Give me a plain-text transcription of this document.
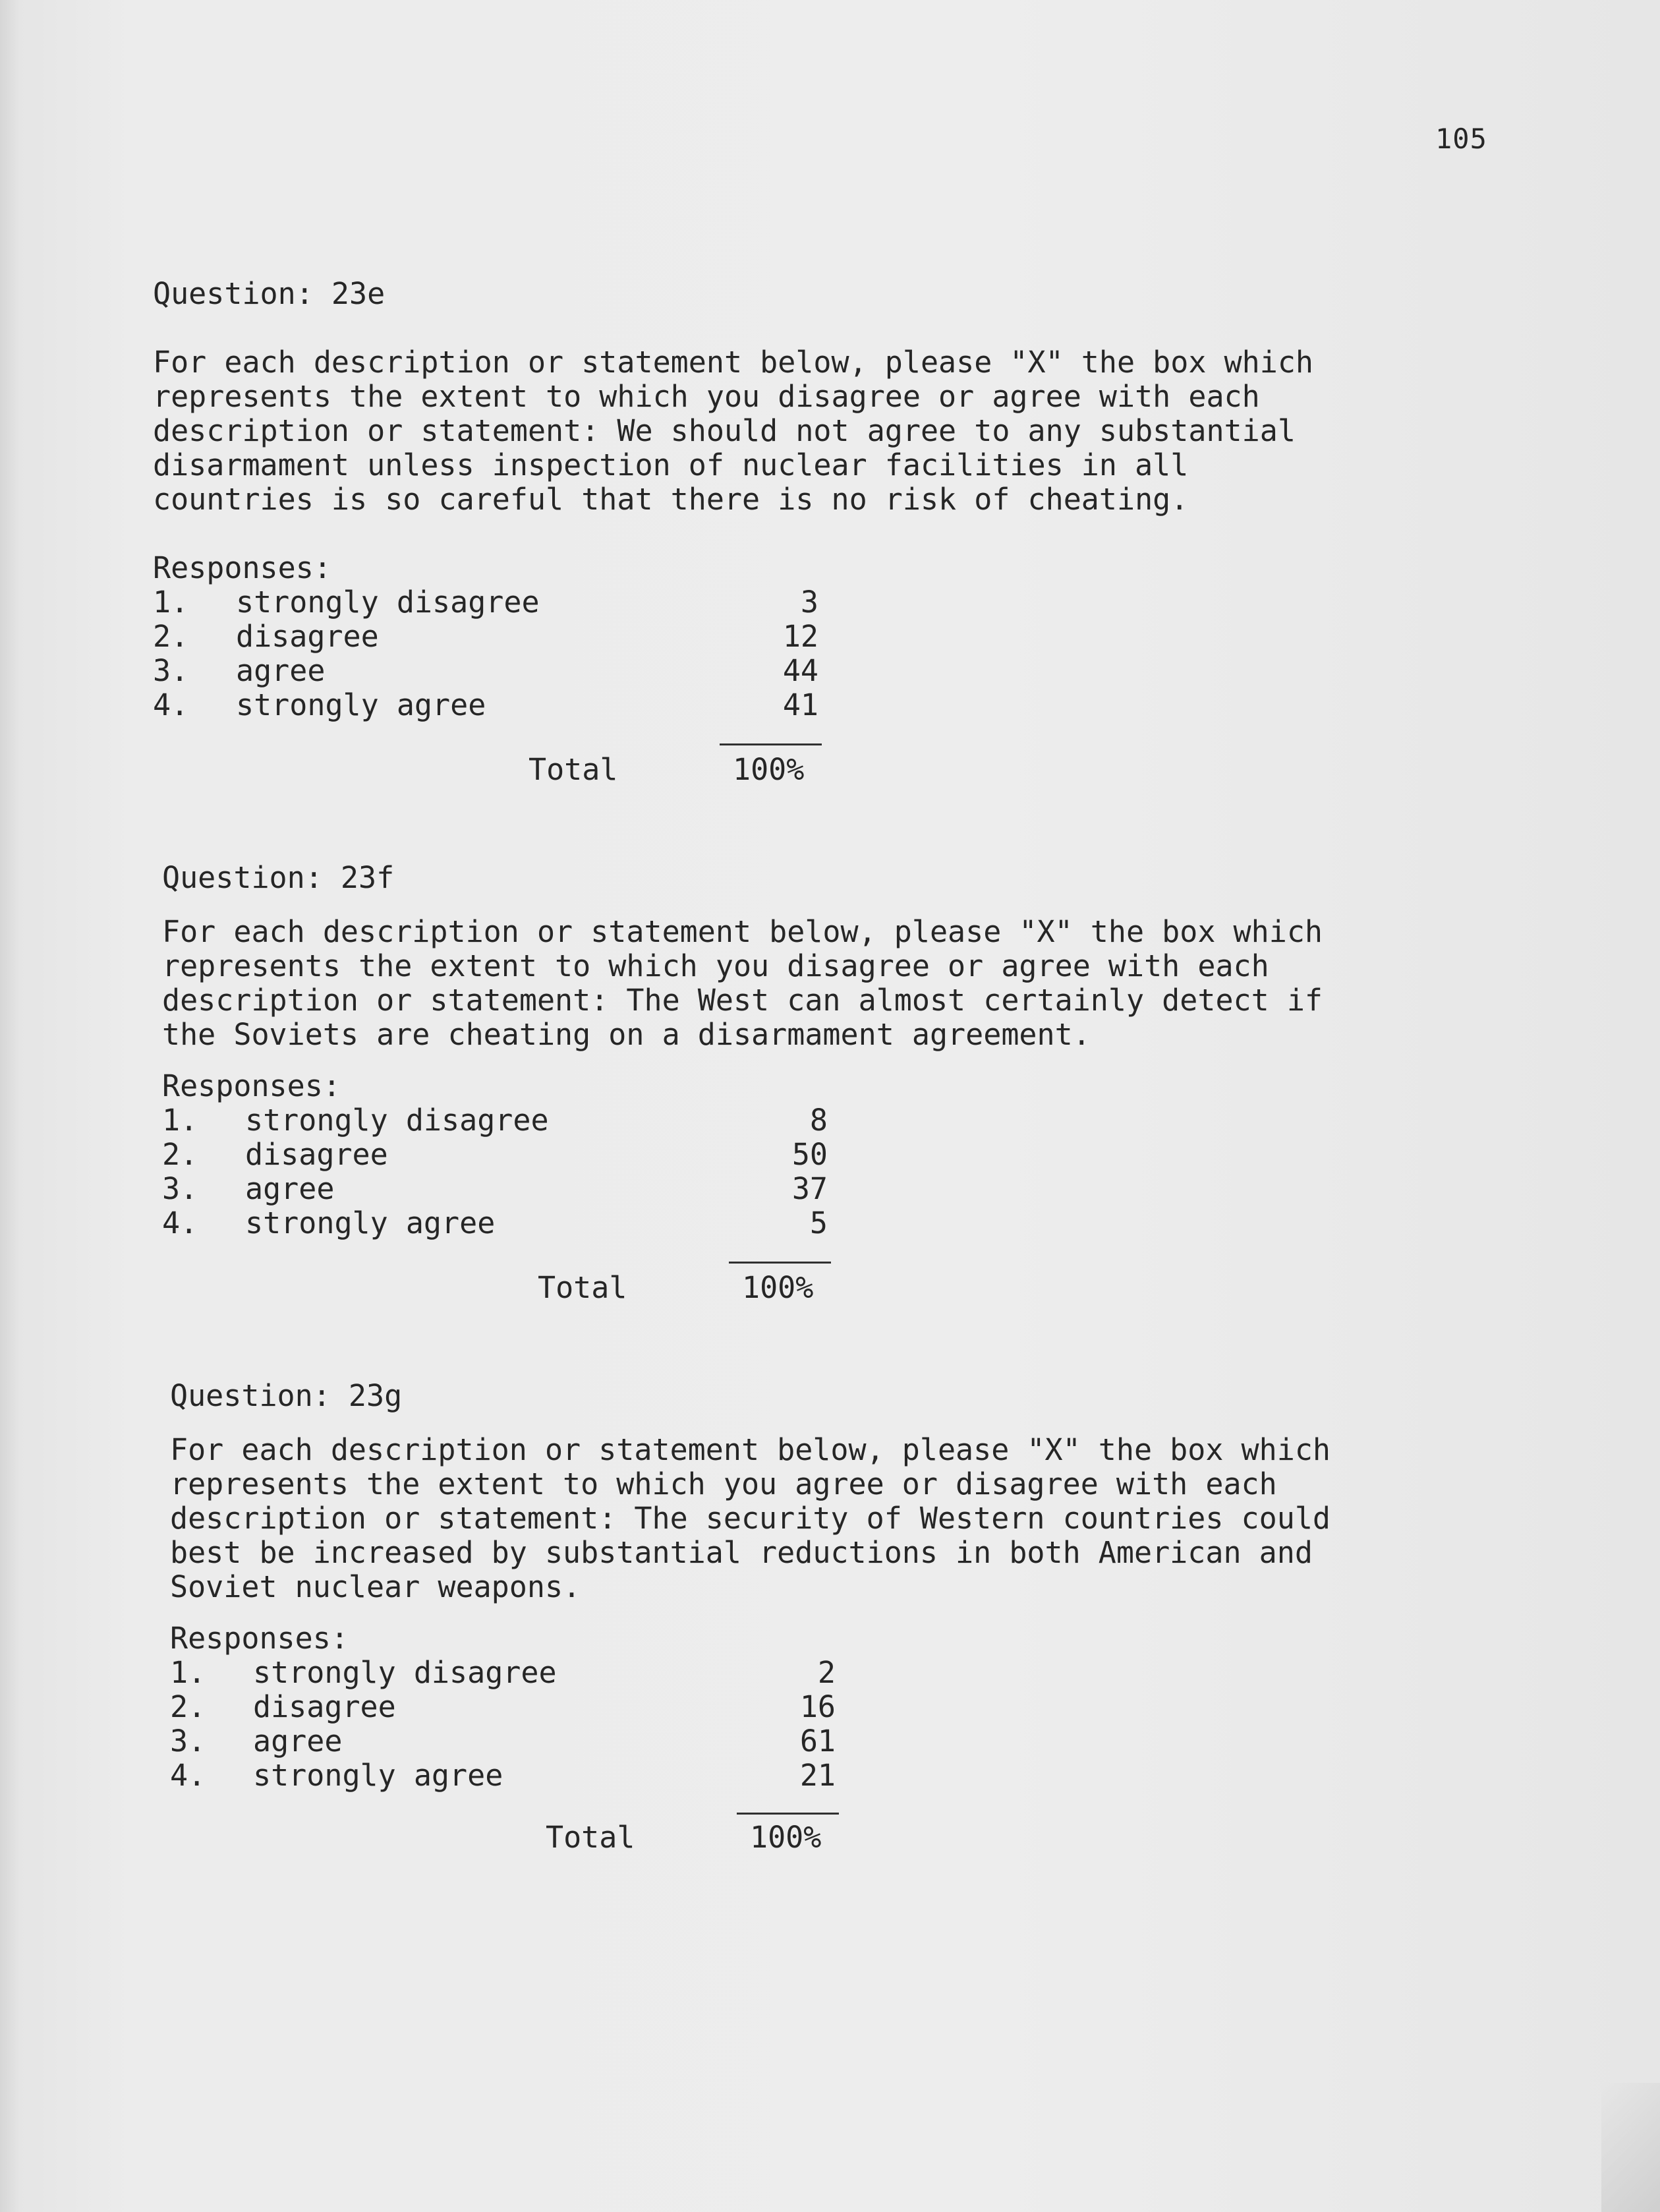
105
Question: 23e

For each description or statement below, please "X" the box which
represents the extent to which you disagree or agree with each
description or statement: We should not agree to any substantial
disarmament unless inspection of nuclear facilities in all
countries is so careful that there is no risk of cheating.

Responses:
1. strongly disagree	3
2. disagree	12
3. agree	44
4. strongly agree	41
Total	100%
Question: 23f

For each description or statement below, please "X" the box which
represents the extent to which you disagree or agree with each
description or statement: The West can almost certainly detect if
the Soviets are cheating on a disarmament agreement.

Responses:
1. strongly disagree	8
2. disagree	50
3. agree	37
4. strongly agree	5
Total	100%
Question: 23g

For each description or statement below, please "X" the box which
represents the extent to which you agree or disagree with each
description or statement: The security of Western countries could
best be increased by substantial reductions in both American and
Soviet nuclear weapons.

Responses:
1. strongly disagree	2
2. disagree	16
3. agree	61
4. strongly agree	21
Total	100%
